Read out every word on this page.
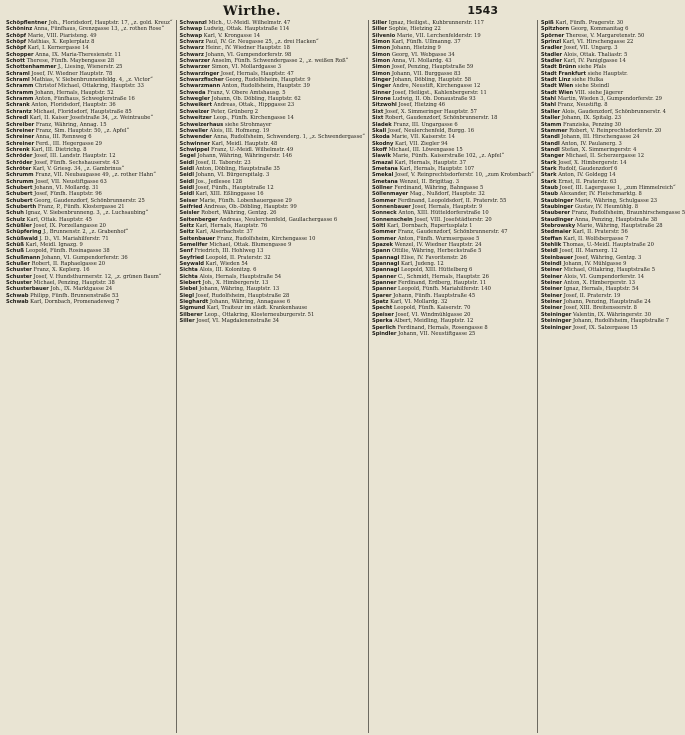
Wirthe.	1543
Schöpflentner Joh., Floridsdorf, Hauptstr. 17, „z. gold. Kreuz“
Schöninz Anna, Fünfhaus, Grenzgasse 13, „z. rothen Rose“
Schöpf Marie, VIII. Piaristeng. 49
Schöpf Mathias, X. Keplerplatz 8
Schöpf Karl, I. Kernergasse 14
Schopper Anna, IX. Maria-Theresienstr. 11
Schott Therese, Fünfh. Maybengasse 28
Schottenhammer J., Liesing, Wienerstr. 25
Schraml Josef, IV. Wiedner Hauptstr. 78
Schraml Mathias, V. Siebenbrunnenfeldg. 4, „z. Victor“
Schramm Christof Michael, Ottakring, Hauptstr. 33
Schramm Johann, Hernals, Hauptstr. 52
Schramm Anton, Fünfhaus, Schweglerstraße 16
Schrank Anton, Floridsdorf, Hauptstr. 36
Schrantz Michael, Floridsdorf, Hauptstraße 85
Schredl Karl, II. Kaiser Josefstraße 34, „z. Weintraube“
Schreiber Franz, Währing, Annag. 15
Schreiner Franz, Sim. Hauptstr. 50, „z. Apfel“
Schreiner Anna, III. Rennweg 6
Schreiner Ferd., III. Hegergasse 29
Schrenk Karl, III. Dietrichg. 8
Schröder Josef, III. Landstr. Hauptstr. 12
Schröder Josef, Fünfh. Sechshauserstr. 43
Schröter Karl, V. Griesg. 34, „z. Gambrinus“
Schrumm Franz, VII. Neubaugasse 49, „z. rother Hahn“
Schrumm Josef, VII. Neustiftgasse 63
Schubert Johann, VI. Mollardg. 31
Schubert Josef, Fünfh. Hauptstr. 96
Schubert Georg, Gaudenzdorf, Schönbrunnerstr. 25
Schuberth Franz, P., Fünfh. Klostergasse 21
Schuh Ignaz, V. Siebenbrunneng. 3, „z. Luchsaubing“
Schulz Karl, Ottak. Hauptstr. 45
Schüßler Josef, IX. Porzellangasse 20
Schüpfering J., Brunnenstr. 2, „z. Grabenhof“
Schüßwald J. D., VI. Mariahilferstr. 71
Schüß Karl, Meidl. Ignazg. 9
Schuß Leopold, Fünfh. Rosinagasse 38
Schußmann Johann, VI. Gumpendorferstr. 36
Schußer Robert, II. Raphaelgasse 20
Schuster Franz, X. Keplerg. 16
Schuster Josef, V. Hundsthurmerstr. 12, „z. grünen Baum“
Schuster Michael, Penzing, Hauptstr. 38
Schusterbauer Joh., IX. Marktgasse 24
Schwab Philipp, Fünfh. Brunnenstraße 53
Schwab Karl, Dornbach, Promenadeweg 7
Schwanzl Mich., U.-Meidl. Wilhelmstr. 47
Schwap Ludwig, Ottak. Hauptstraße 114
Schwap Karl, V. Krongasse 14
Schwarz Paul, IV. Gr. Neugasse 25, „z. drei Hacken“
Schwarz Heinr., IV. Wiedner Hauptstr. 18
Schwarz Johann, VI. Gumpendorferstr. 98
Schwarzer Anselm, Fünfh. Schwendergasse 2, „z. weißen Roß“
Schwarzer Simon, VI. Mollardgasse 3
Schwarzinger Josef, Hernals, Hauptstr. 47
Schwarzfischer Georg, Rudolfsheim, Hauptstr. 9
Schwarzmann Anton, Rudolfsheim, Hauptstr. 39
Schweda Franz, V. Obere Amtshausg. 5
Schwegler Johann, Ob. Döbling, Hauptstr. 62
Schweikert Andreas, Ottak., Hippgasse 23
Schweizer Peter, Grünberg 2
Schweitzer Leop., Fünfh. Kirchengasse 14
Schweizerhaus siehe Strohmayer
Schweller Alois, III. Hofmeng. 19
Schwender Anna, Rudolfsheim, Schwenderg. 1, „z. Schwendergasse“
Schwinner Karl, Meidl. Hauptstr. 48
Schwippel Franz, U.-Meidl. Wilhelmstr. 49
Segel Johann, Währing, Währingerstr. 146
Seidl Josef, II. Taborstr. 23
Seidl Anton, Döbling, Hauptstraße 35
Seidl Johann, VI. Bürgerspitalg. 3
Seidl Jos., Jedlesee 128
Seidl Josef, Fünfh., Hauptstraße 12
Seidl Karl, XIII. Eßlinggasse 16
Seiser Marie, Fünfh. Lobenhauergasse 29
Seifried Andreas, Ob.-Döbling, Hauptstr. 99
Seisler Robert, Währing, Gentzg. 26
Seitenberger Andreas, Neulerchenfeld, Gaullachergasse 6
Seitz Karl, Hernals, Hauptstr. 76
Seitz Karl, Alserbachstr. 37
Seitenbauer Franz, Rudolfsheim, Kirchengasse 10
Semelifer Michael, Ottak. Blumengasse 9
Senf Friedrich, III. Hohlweg 13
Seyfried Leopold, II. Praterstr. 32
Seywald Karl, Wieden 54
Sichta Alois, III. Kolonitzg. 6
Sichta Alois, Hernals, Hauptstraße 54
Siebert Joh., X. Himbergerstr. 13
Siebel Johann, Währing, Hauptstr. 13
Siegl Josef, Rudolfsheim, Hauptstraße 28
Sieghardt Johann, Währing, Annagasse 6
Sigmund Karl, Traiteur im städt. Krankenhause
Silberer Leop., Ottakring, Klosterneuburgerstr. 51
Siller Josef, VI. Magdalenenstraße 34
Siller Ignaz, Heiligst., Kuhbrunnerstr. 117
Siller Sophie, Hietzing 22
Silvenio Marie, VII. Lerchenfelderstr. 19
Simon Karl, Fünfh. Ullmanng. 37
Simon Johann, Hietzing 9
Simon Georg, VI. Webgasse 34
Simon Anna, VI. Mollardg. 43
Simon Josef, Penzing, Hauptstraße 59
Simon Johann, VII. Burggasse 83
Singer Johann, Döbling, Hauptstr. 58
Singer Andre, Neustift, Kirchengasse 12
Sinner Josef, Heiligst., Kahlenbergerstr. 11
Sirone Ludwig, II. Ob. Donaustraße 93
Sitzwohl Josef, Hietzing 46
Sixt Josef, X. Simmeringer Hauptstr. 57
Sixt Robert, Gaudenzdorf, Schönbrunnerstr. 18
Sladek Franz, III. Ungargasse 6
Skall Josef, Neulerchenfeld, Burgg. 16
Skoda Marie, VII. Kaiserstr. 14
Skodny Karl, VII. Ziegler 94
Skoff Michael, III. Löwengasse 15
Slawik Marie, Fünfh. Kaiserstraße 102, „z. Apfel“
Smazal Karl, Hernals, Hauptstr. 37
Smetana Karl, Hernals, Hauptstr. 107
Smekal Josef, V. Reinprechtsdorferstr. 10, „zum Krotenbach“
Smetana Wenzel, II. Brigittag. 3
Söllner Ferdinand, Währing, Bahngasse 5
Söllenmayer Mag., Nußdorf, Hauptstr. 32
Sommer Ferdinand, Leopoldsdorf, II. Praterstr. 55
Sonnenbauer Josef, Hernals, Hauptstr. 9
Sonneck Anton, XIII. Hütteldorferstraße 10
Sonnenschein Josef, VIII. Josefstädterstr. 20
Söltl Karl, Dornbach, Rupertusplatz 1
Sommer Franz, Gaudenzdorf, Schönbrunnerstr. 47
Sommer Anton, Fünfh. Wurmsergasse 5
Spazek Wenzel, IV. Wiedner Hauptstr. 24
Spann Ottilie, Währing, Herbeckstraße 5
Spannagl Elise, IV. Favoritenstr. 26
Spannagl Karl, Judeng. 12
Spannagl Leopold, XIII. Hüttelberg 6
Spanner C., Schmidt, Hernals, Hauptstr. 26
Spanner Ferdinand, Erdberg, Hauptstr. 11
Spanner Leopold, Fünfh. Mariahilferstr. 140
Sparer Johann, Fünfh. Hauptstraße 45
Spatz Karl, VI. Mollardg. 32
Specht Leopold, Fünfh. Kaiserstr. 70
Speiser Josef, VI. Windmühlgasse 20
Sperka Albert, Meidling, Hauptstr. 12
Sperlich Ferdinand, Hernals, Rosengasse 8
Spindler Johann, VII. Neustiftgasse 25
Spiß Karl, Fünfh. Pragerstr. 30
Spitzhorn Georg, Kommanitag 6
Spörner Therese, V. Margaretenstr. 50
Sprinzl Karl, VI. Hirschengasse 22
Sradler Josef, VII. Ungarg. 3
Stadler Alois, Ottak. Thaliastr. 5
Stadler Karl, IV. Paniglgasse 14
Stadt Brünn siehe Pfals
Stadt Frankfurt siehe Hauptstr.
Stadt Linz siehe Hulka
Stadt Wien siehe Steindl
Stadt Wien VIII. siehe Jägerer
Stahl Martin, Wieden 3, Gumpendorferstr. 29
Stahl Franz, Neustiftg. 8
Staller Alois, Gaudenzdorf, Schönbrunnerstr. 4
Staller Johann, IX. Spitalg. 23
Stamm Franziska, Penzing 30
Stammer Robert, V. Reinprechtsdorferstr. 20
Standl Johann, III. Hirschengasse 24
Standl Anton, IV. Paulanerg. 3
Standl Stefan, X. Simmeringerstr. 4
Stanger Michael, II. Scherzergasse 12
Stark Josef, X. Himbergerstr. 14
Stark Rudolf, Gaudenzdorf 6
Stark Anton, IV. Goldegg 14
Stark Ernst, II. Praterstr. 63
Staub Josef, III. Lagergasse 1, „zum Himmelreich“
Staub Alexander, IV. Fleischmarktg. 8
Staubinger Marie, Währing, Schulgasse 23
Staubinger Gustav, IV. Heumühlg. 8
Stauberer Franz, Rudolfsheim, Braunhirschengasse 5
Staudinger Anna, Penzing, Hauptstraße 38
Stebrowsky Marie, Währing, Hauptstraße 28
Stedmaier Karl, II. Praterstr. 56
Steffan Karl, II. Wolfsbergasse 7
Stehlik Thomas, U.-Meidl. Hauptstraße 20
Steidl Josef, III. Marxerg. 12
Steinbauer Josef, Währing, Gentzg. 3
Steindl Johann, IV. Mühlgasse 9
Steiner Michael, Ottakring, Hauptstraße 5
Steiner Alois, VI. Gumpendorferstr. 14
Steiner Anton, X. Himbergerstr. 13
Steiner Ignaz, Hernals, Hauptstr. 54
Steiner Josef, II. Praterstr. 19
Steiner Johann, Penzing, Hauptstraße 24
Steiner Josef, XIII. Breitenseerstr. 8
Steininger Valentin, IX. Währingerstr. 30
Steininger Johann, Rudolfsheim, Hauptstraße 7
Steininger Josef, IX. Salzergasse 15
